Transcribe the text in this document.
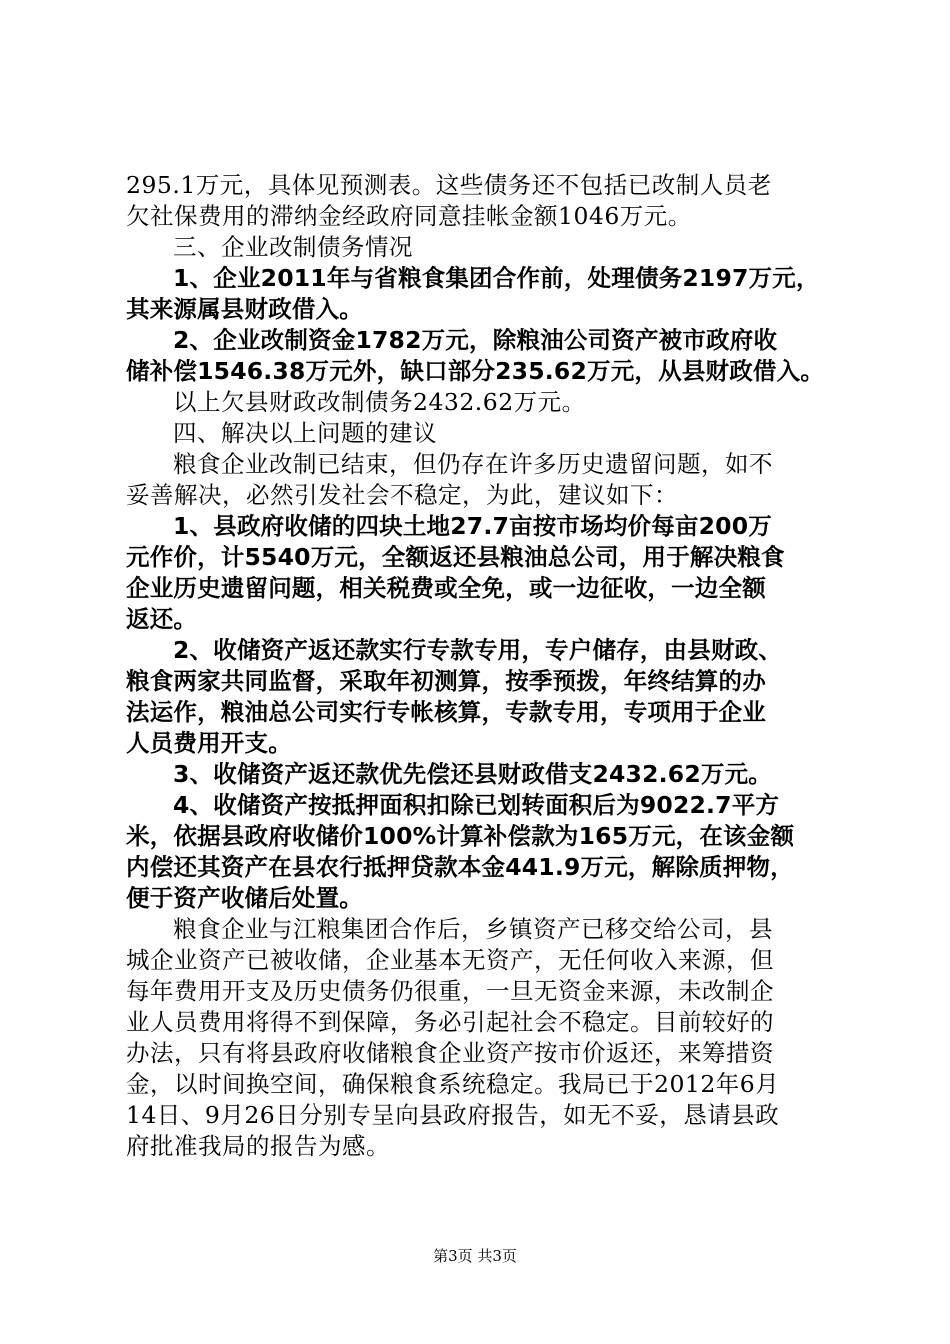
295.1万元，具体见预测表。这些债务还不包括已改制人员老
欠社保费用的滞纳金经政府同意挂帐金额1046万元。
三、企业改制债务情况
1、企业2011年与省粮食集团合作前，处理债务2197万元，
其来源属县财政借入。
2、企业改制资金1782万元，除粮油公司资产被市政府收
储补偿1546.38万元外，缺口部分235.62万元，从县财政借入。
以上欠县财政改制债务2432.62万元。
四、解决以上问题的建议
粮食企业改制已结束，但仍存在许多历史遗留问题，如不
妥善解决，必然引发社会不稳定，为此，建议如下：
1、县政府收储的四块土地27.7亩按市场均价每亩200万
元作价，计5540万元，全额返还县粮油总公司，用于解决粮食
企业历史遗留问题，相关税费或全免，或一边征收，一边全额
返还。
2、收储资产返还款实行专款专用，专户储存，由县财政、
粮食两家共同监督，采取年初测算，按季预拨，年终结算的办
法运作，粮油总公司实行专帐核算，专款专用，专项用于企业
人员费用开支。
3、收储资产返还款优先偿还县财政借支2432.62万元。
4、收储资产按抵押面积扣除已划转面积后为9022.7平方
米，依据县政府收储价100%计算补偿款为165万元，在该金额
内偿还其资产在县农行抵押贷款本金441.9万元，解除质押物，
便于资产收储后处置。
粮食企业与江粮集团合作后，乡镇资产已移交给公司，县
城企业资产已被收储，企业基本无资产，无任何收入来源，但
每年费用开支及历史债务仍很重，一旦无资金来源，未改制企
业人员费用将得不到保障，务必引起社会不稳定。目前较好的
办法，只有将县政府收储粮食企业资产按市价返还，来筹措资
金，以时间换空间，确保粮食系统稳定。我局已于2012年6月
14日、9月26日分别专呈向县政府报告，如无不妥，恳请县政
府批准我局的报告为感。
第3页 共3页
